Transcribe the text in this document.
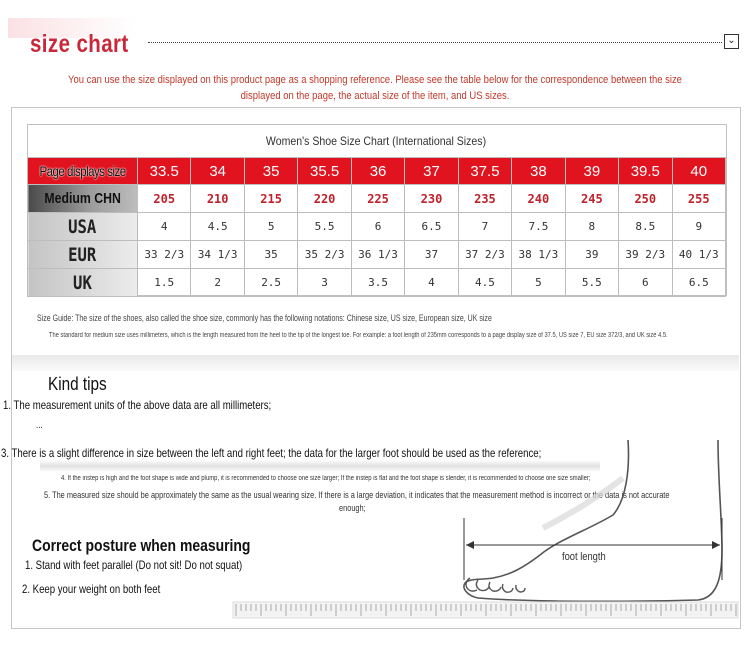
size chart	⌄
You can use the size displayed on this product page as a shopping reference. Please see the table below for the correspondence between the size displayed on the page, the actual size of the item, and US sizes.
Women's Shoe Size Chart (International Sizes)
Page displays size	33.5	34	35	35.5	36	37	37.5	38	39	39.5	40
Medium CHN	205	210	215	220	225	230	235	240	245	250	255
USA	4	4.5	5	5.5	6	6.5	7	7.5	8	8.5	9
EUR	33 2/3	34 1/3	35	35 2/3	36 1/3	37	37 2/3	38 1/3	39	39 2/3	40 1/3
UK	1.5	2	2.5	3	3.5	4	4.5	5	5.5	6	6.5
Size Guide: The size of the shoes, also called the shoe size, commonly has the following notations: Chinese size, US size, European size, UK size
The standard for medium size uses millimeters, which is the length measured from the heel to the tip of the longest toe. For example: a foot length of 235mm corresponds to a page display size of 37.5, US size 7, EU size 372/3, and UK size 4.5.
Kind tips
1. The measurement units of the above data are all millimeters;
...
3. There is a slight difference in size between the left and right feet; the data for the larger foot should be used as the reference;
4. If the instep is high and the foot shape is wide and plump, it is recommended to choose one size larger; If the instep is flat and the foot shape is slender, it is recommended to choose one size smaller;
5. The measured size should be approximately the same as the usual wearing size. If there is a large deviation, it indicates that the measurement method is incorrect or the data is not accurate
enough;
Correct posture when measuring
1. Stand with feet parallel (Do not sit! Do not squat)
2. Keep your weight on both feet
foot length
